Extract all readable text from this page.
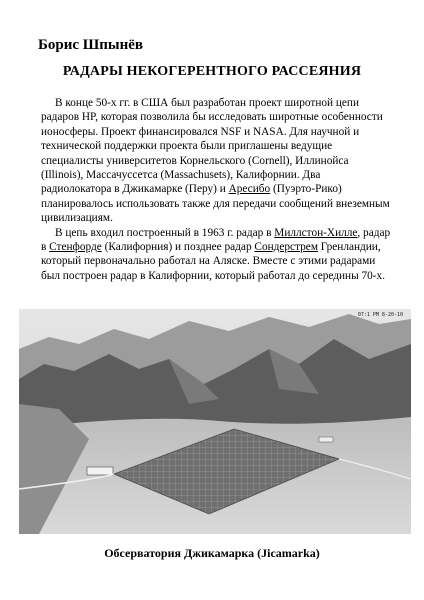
Борис Шпынёв
РАДАРЫ НЕКОГЕРЕНТНОГО РАССЕЯНИЯ

В конце 50-х гг. в США был разработан проект широтной цепи радаров HP, которая позволила бы исследовать широтные особенности ионосферы. Проект финансировался NSF и NASA. Для научной и технической поддержки проекта были приглашены ведущие специалисты университетов Корнельского (Cornell), Иллинойса (Illinois), Массачуссетса (Massachusets), Калифорнии. Два радиолокатора в Джикамарке (Перу) и Аресибо (Пуэрто-Рико) планировалось использовать также для передачи сообщений внеземным цивилизациям.

В цепь входил построенный в 1963 г. радар в Миллстон-Хилле, радар в Стенфорде (Калифорния) и позднее радар Сондерстрем Гренландии, который первоначально работал на Аляске. Вместе с этими радарами был построен радар в Калифорнии, который работал до середины 70-х.

07:1 PM 8-20-10
Обсерватория Джикамарка (Jicamarka)
